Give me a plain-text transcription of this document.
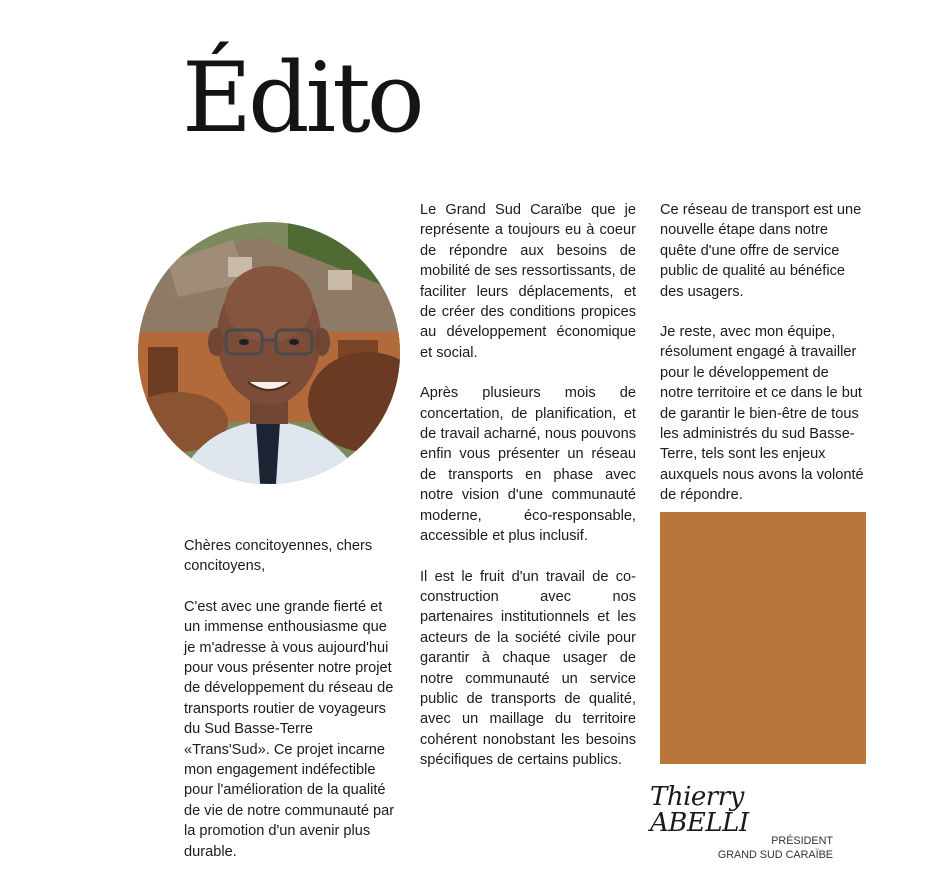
Édito

Chères concitoyennes, chers concitoyens,

C'est avec une grande fierté et un immense enthousiasme que je m'adresse à vous aujourd'hui pour vous présenter notre projet de développement du réseau de transports routier de voyageurs du Sud Basse-Terre «Trans'Sud». Ce projet incarne mon engagement indéfectible pour l'amélioration de la qualité de vie de notre communauté par la promotion d'un avenir plus durable.

Le Grand Sud Caraïbe que je représente a toujours eu à coeur de répondre aux besoins de mobilité de ses ressortissants, de faciliter leurs déplacements, et de créer des conditions propices au développement économique et social.

Après plusieurs mois de concertation, de planification, et de travail acharné, nous pouvons enfin vous présenter un réseau de transports en phase avec notre vision d'une communauté moderne, éco-responsable, accessible et plus inclusif.

Il est le fruit d'un travail de co-construction avec nos partenaires institutionnels et les acteurs de la société civile pour garantir à chaque usager de notre communauté un service public de transports de qualité, avec un maillage du territoire cohérent nonobstant les besoins spécifiques de certains publics.

Ce réseau de transport est une nouvelle étape dans notre quête d'une offre de service public de qualité au bénéfice des usagers.

Je reste, avec mon équipe, résolument engagé à travailler pour le développement de notre territoire et ce dans le but de garantir le bien-être de tous les administrés du sud Basse-Terre, tels sont les enjeux auxquels nous avons la volonté de répondre.

Thierry ABELLI
PRÉSIDENT
GRAND SUD CARAÏBE
